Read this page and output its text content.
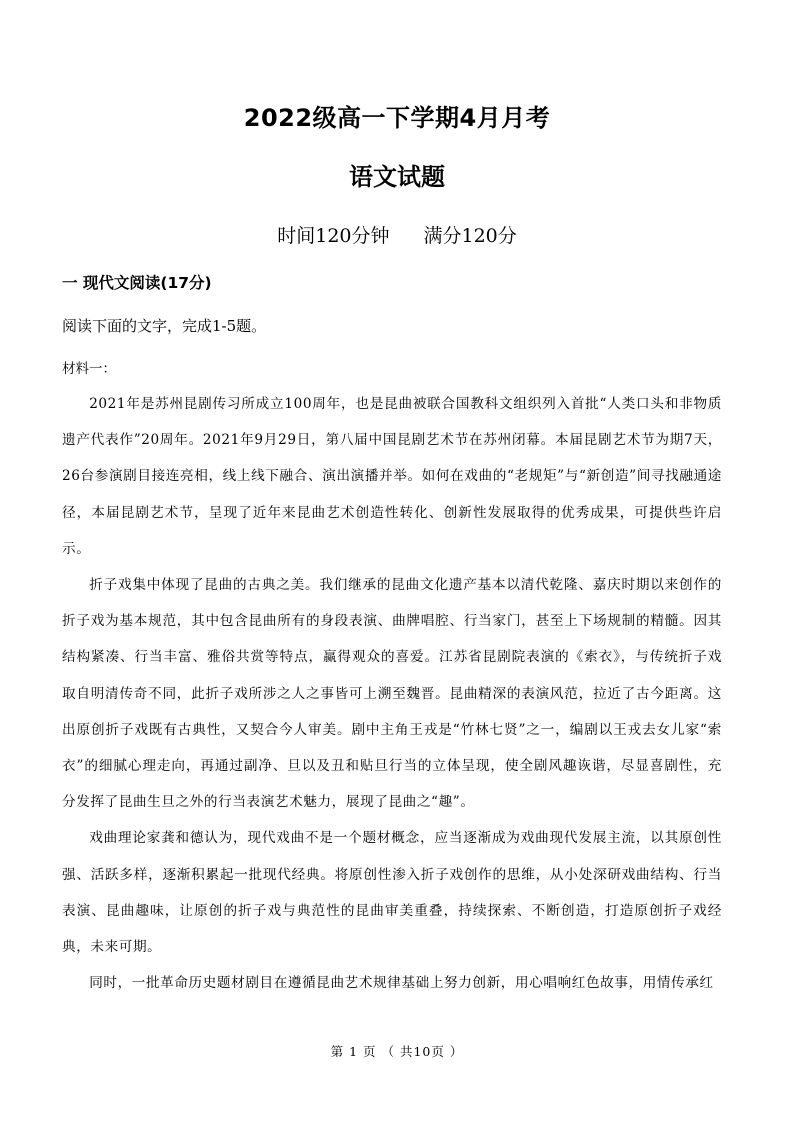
2022级高一下学期4月月考
语文试题
时间120分钟 满分120分
一 现代文阅读(17分)
阅读下面的文字，完成1-5题。
材料一：

2021年是苏州昆剧传习所成立100周年，也是昆曲被联合国教科文组织列入首批“人类口头和非物质遗产代表作”20周年。2021年9月29日，第八届中国昆剧艺术节在苏州闭幕。本届昆剧艺术节为期7天，26台参演剧目接连亮相，线上线下融合、演出演播并举。如何在戏曲的“老规矩”与“新创造”间寻找融通途径，本届昆剧艺术节，呈现了近年来昆曲艺术创造性转化、创新性发展取得的优秀成果，可提供些许启示。

折子戏集中体现了昆曲的古典之美。我们继承的昆曲文化遗产基本以清代乾隆、嘉庆时期以来创作的折子戏为基本规范，其中包含昆曲所有的身段表演、曲牌唱腔、行当家门，甚至上下场规制的精髓。因其结构紧凑、行当丰富、雅俗共赏等特点，赢得观众的喜爱。江苏省昆剧院表演的《索衣》，与传统折子戏取自明清传奇不同，此折子戏所涉之人之事皆可上溯至魏晋。昆曲精深的表演风范，拉近了古今距离。这出原创折子戏既有古典性，又契合今人审美。剧中主角王戎是“竹林七贤”之一，编剧以王戎去女儿家“索衣”的细腻心理走向，再通过副净、旦以及丑和贴旦行当的立体呈现，使全剧风趣诙谐，尽显喜剧性，充分发挥了昆曲生旦之外的行当表演艺术魅力，展现了昆曲之“趣”。

戏曲理论家龚和德认为，现代戏曲不是一个题材概念，应当逐渐成为戏曲现代发展主流，以其原创性强、活跃多样，逐渐积累起一批现代经典。将原创性渗入折子戏创作的思维，从小处深研戏曲结构、行当表演、昆曲趣味，让原创的折子戏与典范性的昆曲审美重叠，持续探索、不断创造，打造原创折子戏经典，未来可期。

同时，一批革命历史题材剧目在遵循昆曲艺术规律基础上努力创新，用心唱响红色故事，用情传承红

第 1 页 （ 共10页 ）
